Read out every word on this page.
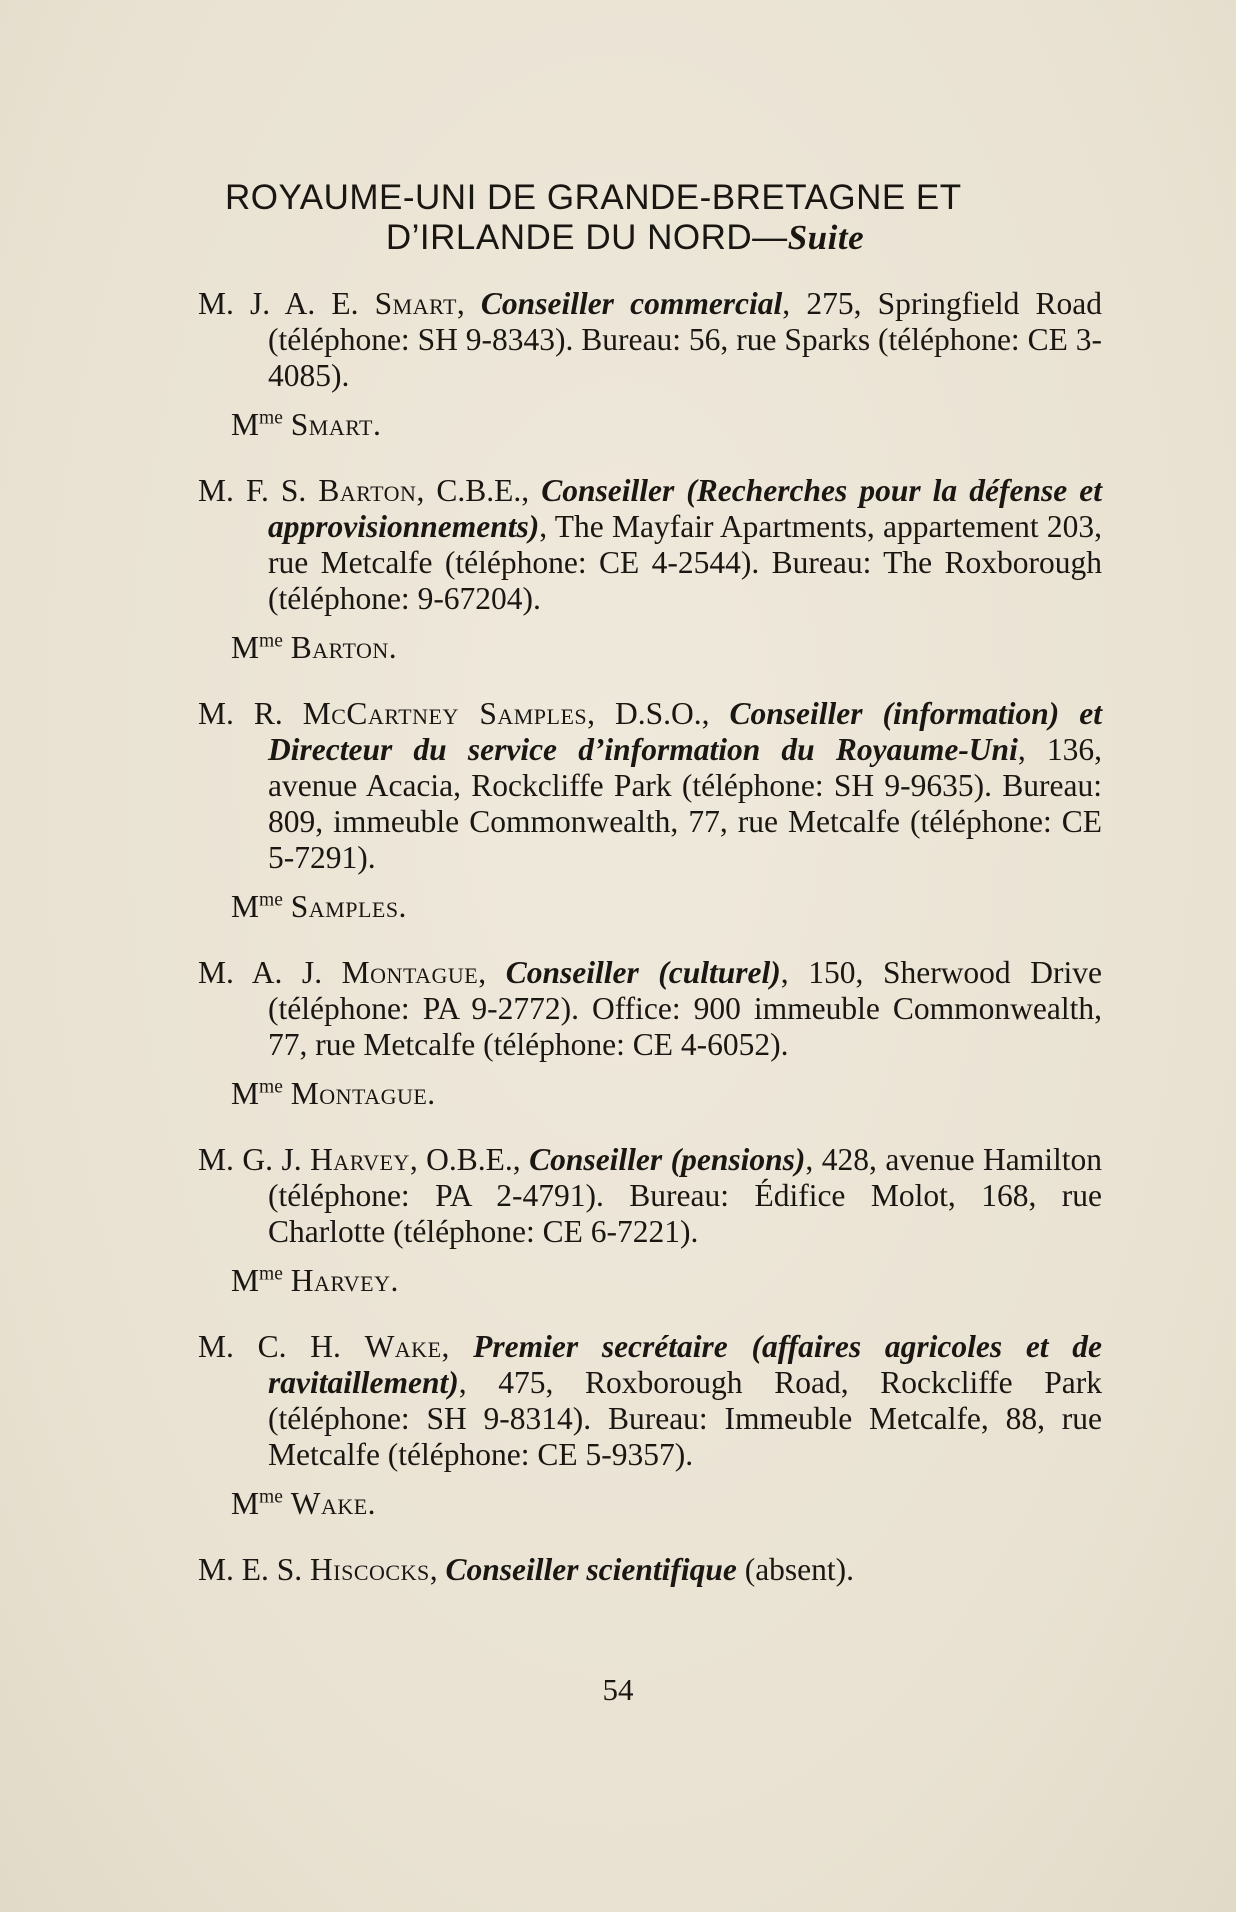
ROYAUME-UNI DE GRANDE-BRETAGNE ET

D’IRLANDE DU NORD—Suite

M. J. A. E. Smart, Conseiller commercial, 275, Springfield Road (téléphone: SH 9-8343). Bureau: 56, rue Sparks (téléphone: CE 3-4085).

$M^{me}$ Smart.

M. F. S. Barton, C.B.E., Conseiller (Recherches pour la défense et approvisionnements), The Mayfair Apartments, appartement 203, rue Metcalfe (téléphone: CE 4-2544). Bureau: The Roxborough (téléphone: 9-67204).

$M^{me}$ Barton.

M. R. McCartney Samples, D.S.O., Conseiller (information) et Directeur du service d’information du Royaume-Uni, 136, avenue Acacia, Rockcliffe Park (téléphone: SH 9-9635). Bureau: 809, immeuble Commonwealth, 77, rue Metcalfe (téléphone: CE 5-7291).

$M^{me}$ Samples.

M. A. J. Montague, Conseiller (culturel), 150, Sherwood Drive (téléphone: PA 9-2772). Office: 900 immeuble Commonwealth, 77, rue Metcalfe (téléphone: CE 4-6052).

$M^{me}$ Montague.

M. G. J. Harvey, O.B.E., Conseiller (pensions), 428, avenue Hamilton (téléphone: PA 2-4791). Bureau: Édifice Molot, 168, rue Charlotte (téléphone: CE 6-7221).

$M^{me}$ Harvey.

M. C. H. Wake, Premier secrétaire (affaires agricoles et de ravitaillement), 475, Roxborough Road, Rockcliffe Park (téléphone: SH 9-8314). Bureau: Immeuble Metcalfe, 88, rue Metcalfe (téléphone: CE 5-9357).

$M^{me}$ Wake.

M. E. S. Hiscocks, Conseiller scientifique (absent).

54
